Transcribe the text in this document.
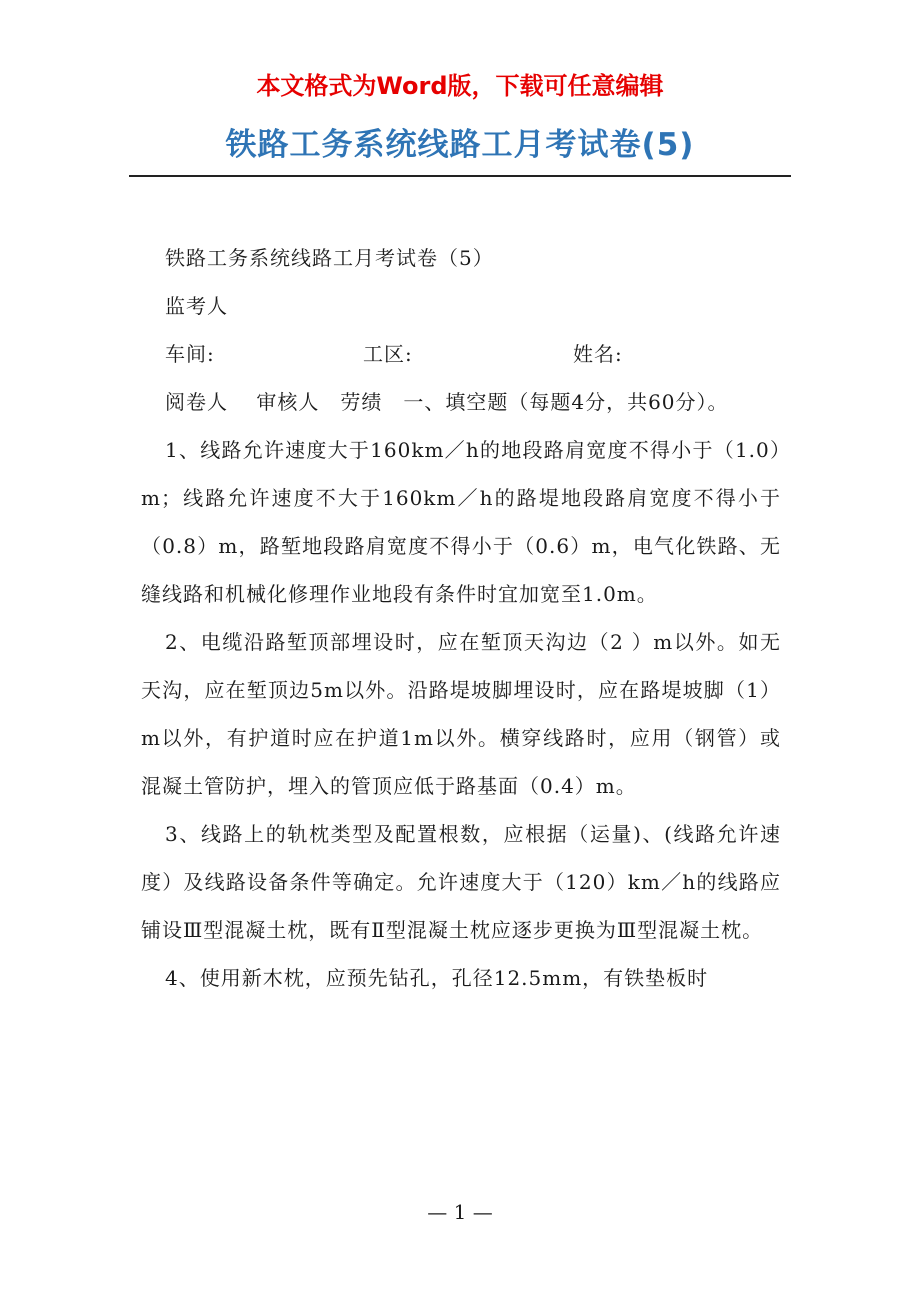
本文格式为Word版，下载可任意编辑
铁路工务系统线路工月考试卷(5)

铁路工务系统线路工月考试卷（5）

监考人

车间:	工区:	姓名:

阅卷人　 审核人　劳绩　一、填空题（每题4分，共60分）。

1、线路允许速度大于160km／h的地段路肩宽度不得小于（1.0）m；线路允许速度不大于160km／h的路堤地段路肩宽度不得小于（0.8）m，路堑地段路肩宽度不得小于（0.6）m，电气化铁路、无缝线路和机械化修理作业地段有条件时宜加宽至1.0m。

2、电缆沿路堑顶部埋设时，应在堑顶天沟边（2 ）m以外。如无天沟，应在堑顶边5m以外。沿路堤坡脚埋设时，应在路堤坡脚（1）m以外，有护道时应在护道1m以外。横穿线路时，应用（钢管）或混凝土管防护，埋入的管顶应低于路基面（0.4）m。

3、线路上的轨枕类型及配置根数，应根据（运量)、(线路允许速度）及线路设备条件等确定。允许速度大于（120）km／h的线路应铺设Ⅲ型混凝土枕，既有Ⅱ型混凝土枕应逐步更换为Ⅲ型混凝土枕。

4、使用新木枕，应预先钻孔，孔径12.5mm，有铁垫板时

— 1 —
